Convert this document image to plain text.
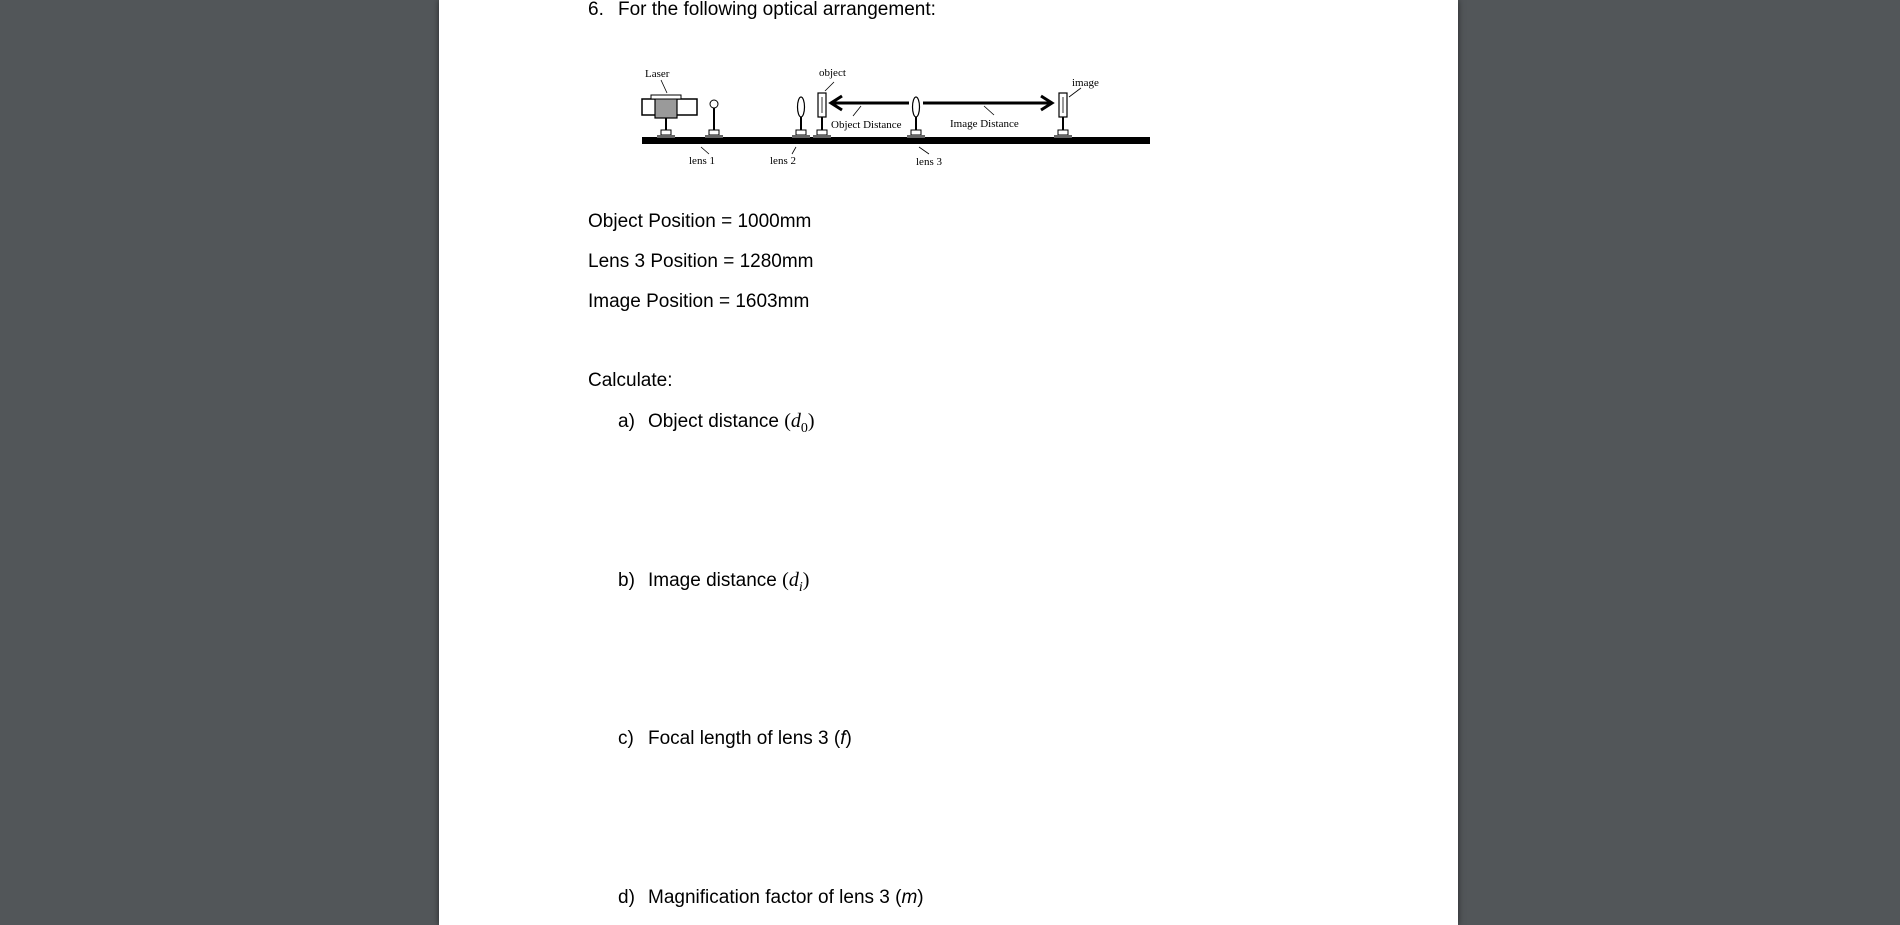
6. For the following optical arrangement:
Laser	object
image
Object Distance	Image Distance
lens 1	lens 2	lens 3
Object Position = 1000mm
Lens 3 Position = 1280mm
Image Position = 1603mm
Calculate:
a) Object distance $(d_0)$
b) Image distance $(d_i)$
c) Focal length of lens 3 (f)
d) Magnification factor of lens 3 (m)
